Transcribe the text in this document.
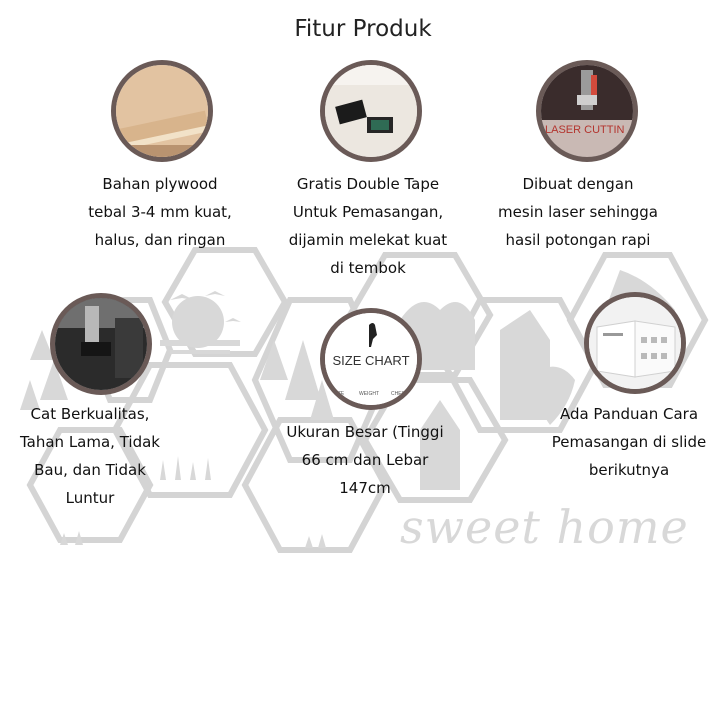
sweet home
Fitur Produk
Bahan plywood
tebal 3-4 mm kuat,
halus, dan ringan
Gratis Double Tape
Untuk Pemasangan,
dijamin melekat kuat
di tembok
LASER CUTTIN
Dibuat dengan
mesin laser sehingga
hasil potongan rapi
Cat Berkualitas,
Tahan Lama, Tidak
Bau, dan Tidak
Luntur
SIZE CHART
SIZE	WEIGHT CHEST
Ukuran Besar (Tinggi
66 cm dan Lebar
147cm
Ada Panduan Cara
Pemasangan di slide
berikutnya
